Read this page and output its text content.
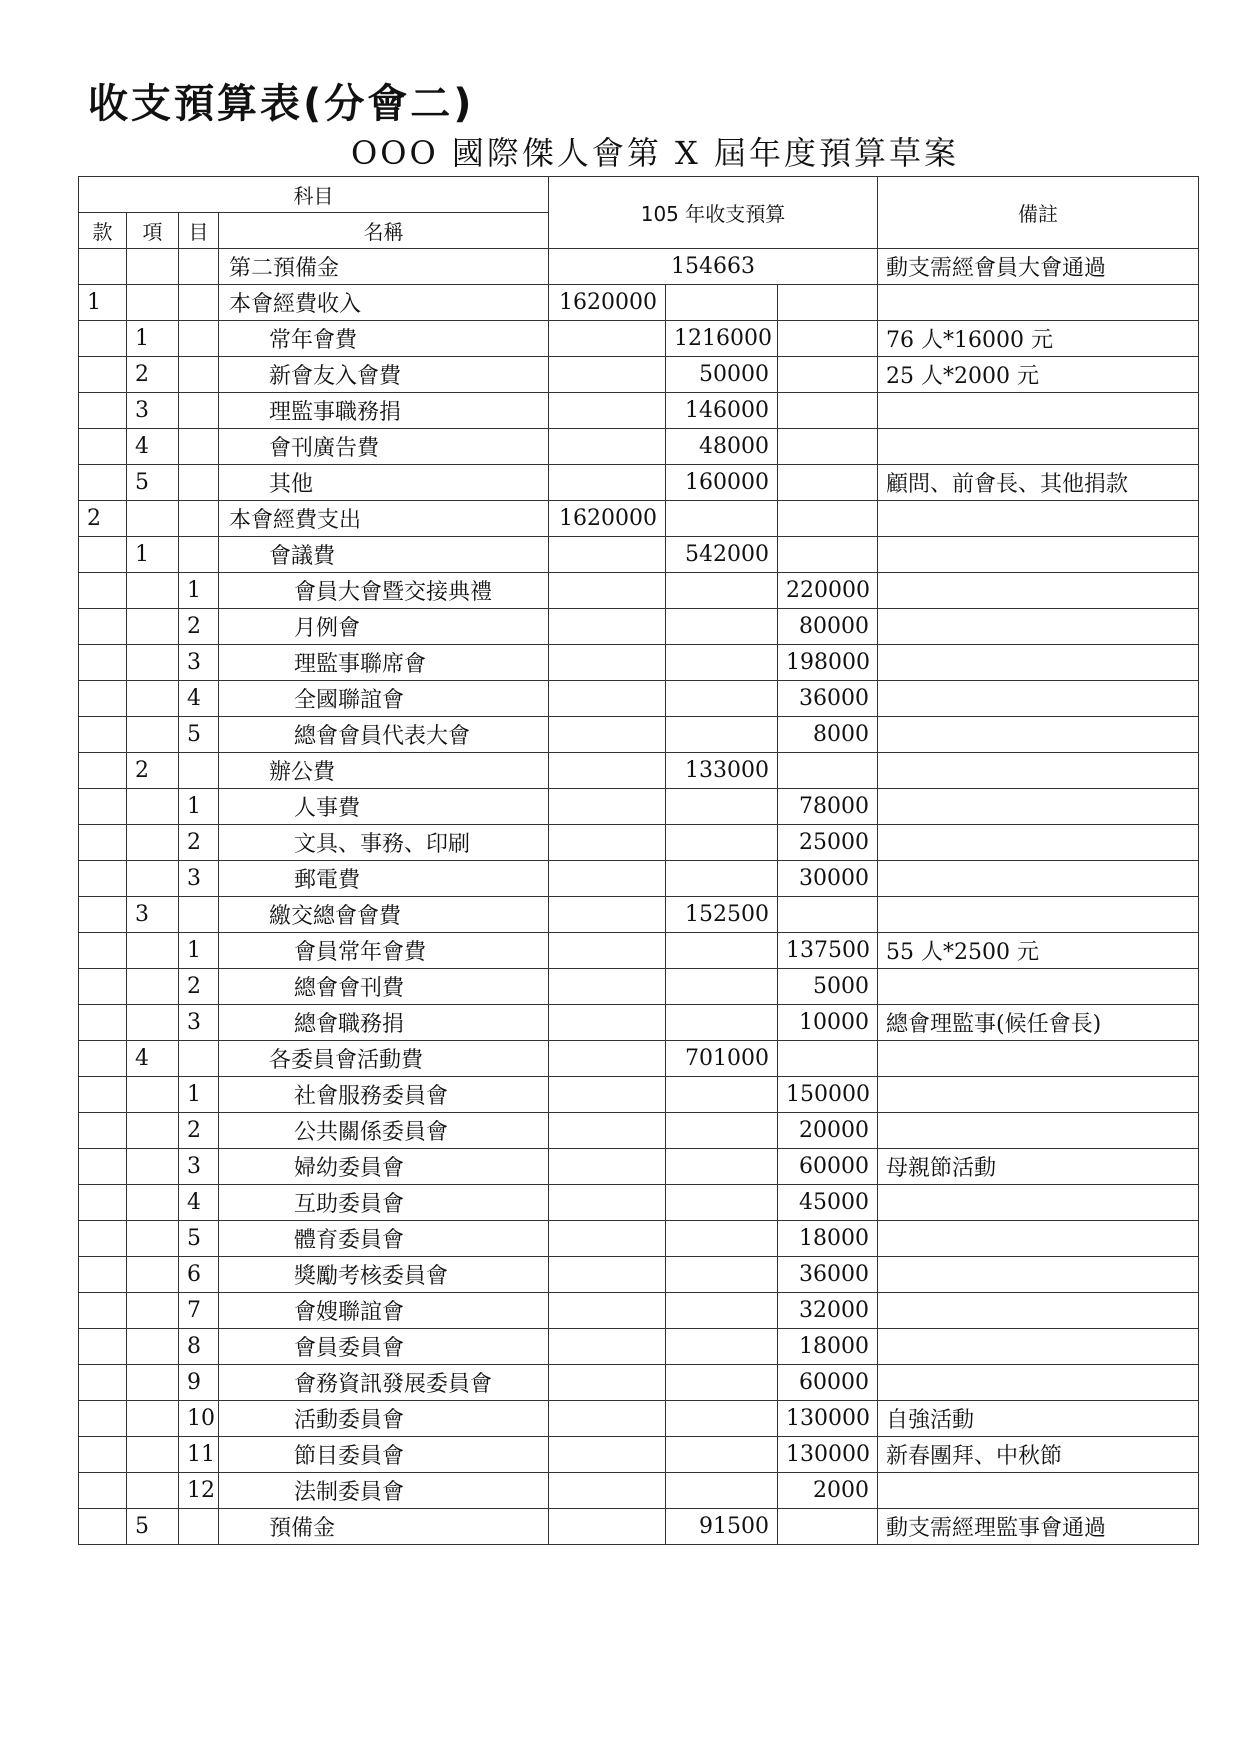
收支預算表(分會二)
OOO 國際傑人會第 X 屆年度預算草案
科目				105 年收支預算			備註
款	項	目	名稱				
			第二預備金	154663			動支需經會員大會通過
1			本會經費收入	1620000			
	1		常年會費		1216000		76 人*16000 元
	2		新會友入會費		50000		25 人*2000 元
	3		理監事職務捐		146000		
	4		會刊廣告費		48000		
	5		其他		160000		顧問、前會長、其他捐款
2			本會經費支出	1620000			
	1		會議費		542000		
		1	會員大會暨交接典禮			220000	
		2	月例會			80000	
		3	理監事聯席會			198000	
		4	全國聯誼會			36000	
		5	總會會員代表大會			8000	
	2		辦公費		133000		
		1	人事費			78000	
		2	文具、事務、印刷			25000	
		3	郵電費			30000	
	3		繳交總會會費		152500		
		1	會員常年會費			137500	55 人*2500 元
		2	總會會刊費			5000	
		3	總會職務捐			10000	總會理監事(候任會長)
	4		各委員會活動費		701000		
		1	社會服務委員會			150000	
		2	公共關係委員會			20000	
		3	婦幼委員會			60000	母親節活動
		4	互助委員會			45000	
		5	體育委員會			18000	
		6	獎勵考核委員會			36000	
		7	會嫂聯誼會			32000	
		8	會員委員會			18000	
		9	會務資訊發展委員會			60000	
		10	活動委員會			130000	自強活動
		11	節目委員會			130000	新春團拜、中秋節
		12	法制委員會			2000	
	5		預備金		91500		動支需經理監事會通過
